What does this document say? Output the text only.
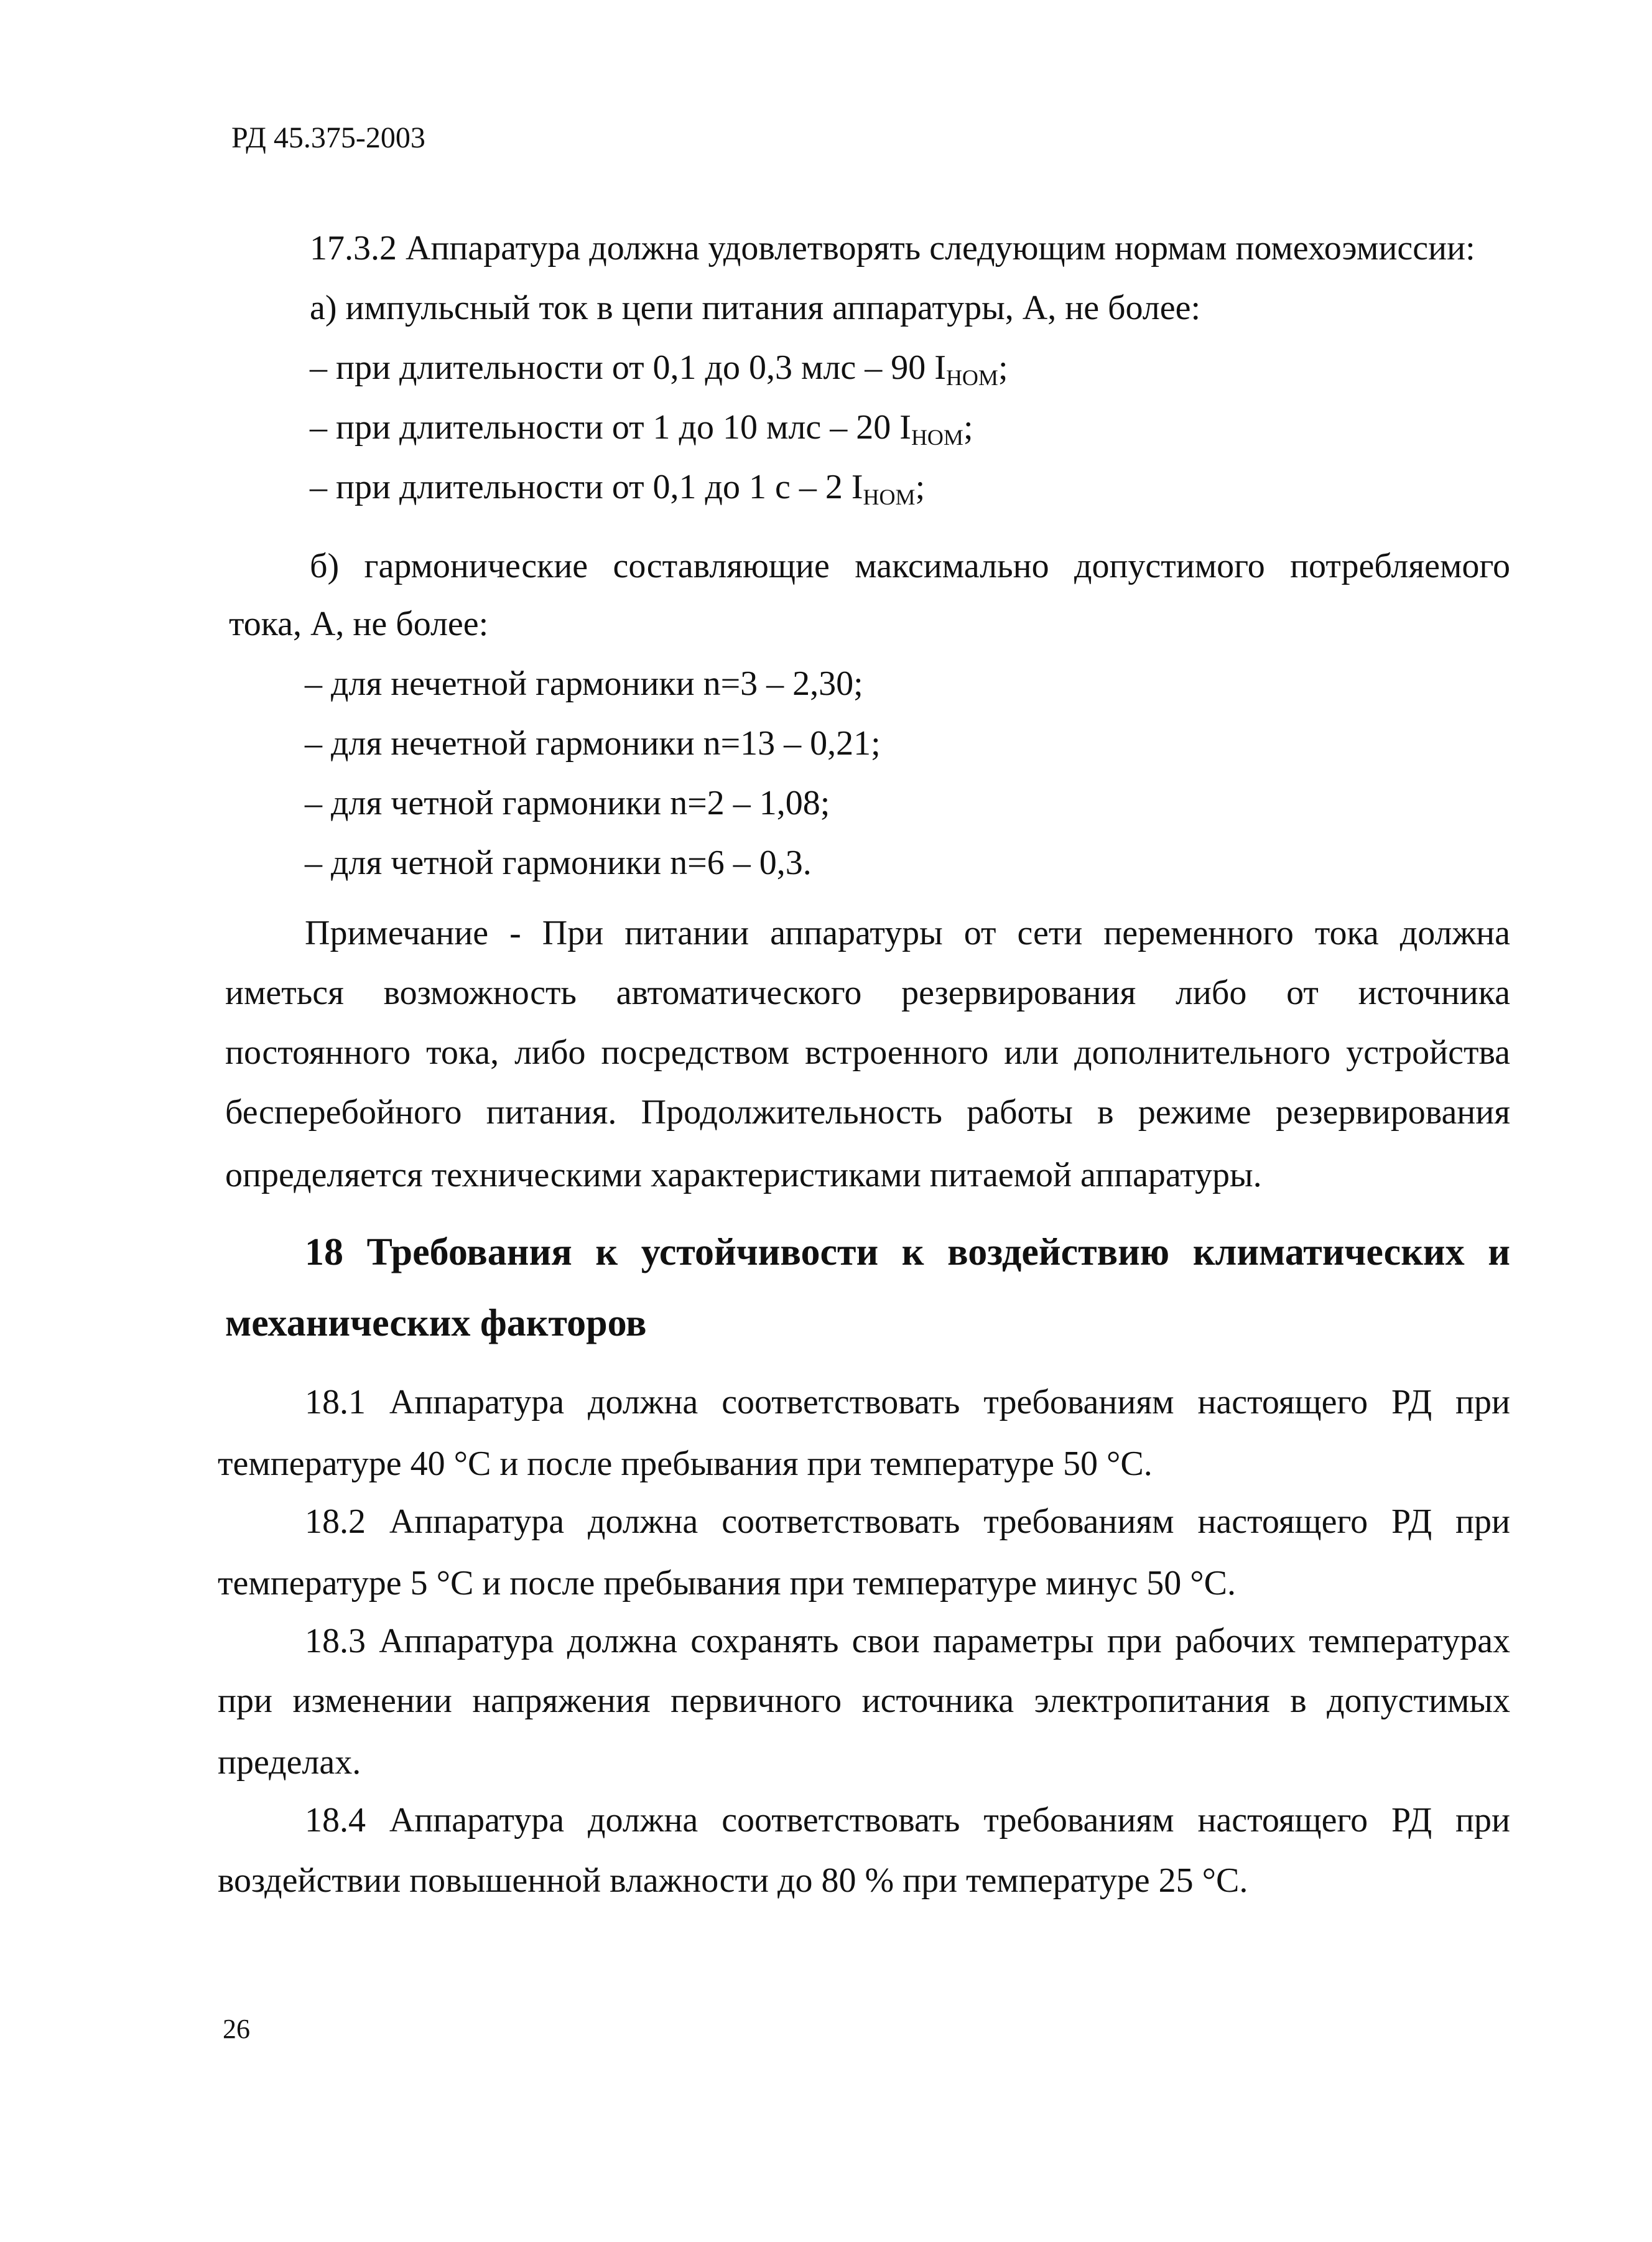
РД 45.375-2003
17.3.2 Аппаратура должна удовлетворять следующим нормам помехоэмиссии:
а) импульсный ток в цепи питания аппаратуры, А, не более:
– при длительности от 0,1 до 0,3 млс – 90 $I_{НОМ}$;
– при длительности от 1 до 10 млс – 20 $I_{НОМ}$;
– при длительности от 0,1 до 1 с – 2 $I_{НОМ}$;
б) гармонические составляющие максимально допустимого потребляемого
тока, А, не более:
– для нечетной гармоники n=3 – 2,30;
– для нечетной гармоники n=13 – 0,21;
– для четной гармоники n=2 – 1,08;
– для четной гармоники n=6 – 0,3.
Примечание - При питании аппаратуры от сети переменного тока должна
иметься возможность автоматического резервирования либо от источника
постоянного тока, либо посредством встроенного или дополнительного устройства
бесперебойного питания. Продолжительность работы в режиме резервирования
определяется техническими характеристиками питаемой аппаратуры.
18 Требования к устойчивости к воздействию климатических и
механических факторов
18.1 Аппаратура должна соответствовать требованиям настоящего РД при
температуре 40 °С и после пребывания при температуре 50 °С.
18.2 Аппаратура должна соответствовать требованиям настоящего РД при
температуре 5 °С и после пребывания при температуре минус 50 °С.
18.3 Аппаратура должна сохранять свои параметры при рабочих температурах
при изменении напряжения первичного источника электропитания в допустимых
пределах.
18.4 Аппаратура должна соответствовать требованиям настоящего РД при
воздействии повышенной влажности до 80 % при температуре 25 °С.
26
